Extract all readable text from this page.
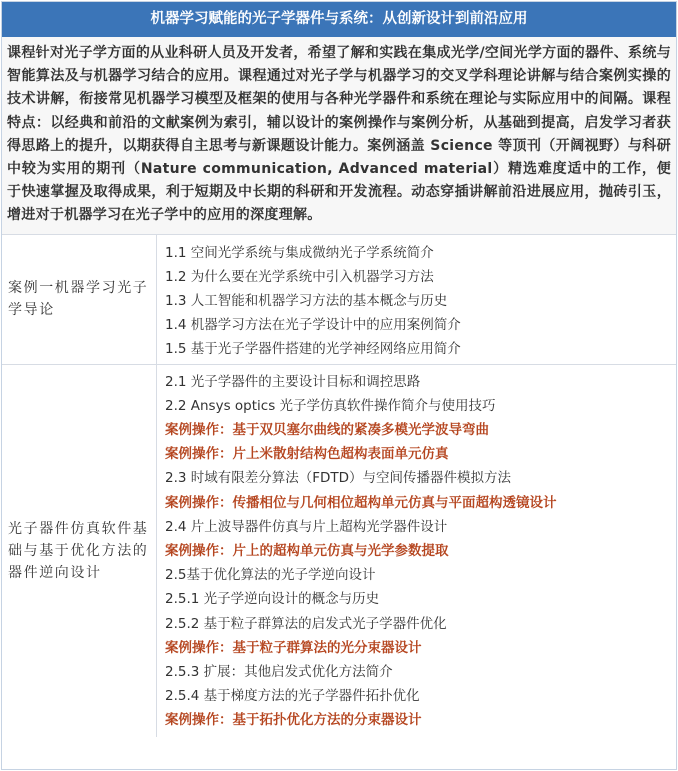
机器学习赋能的光子学器件与系统：从创新设计到前沿应用
课程针对光子学方面的从业科研人员及开发者，希望了解和实践在集成光学/空间光学方面的器件、系统与智能算法及与机器学习结合的应用。课程通过对光子学与机器学习的交叉学科理论讲解与结合案例实操的技术讲解，衔接常见机器学习模型及框架的使用与各种光学器件和系统在理论与实际应用中的间隔。课程特点：以经典和前沿的文献案例为索引，辅以设计的案例操作与案例分析，从基础到提高，启发学习者获得思路上的提升，以期获得自主思考与新课题设计能力。案例涵盖 Science 等顶刊（开阔视野）与科研中较为实用的期刊（Nature communication, Advanced material）精选难度适中的工作，便于快速掌握及取得成果，利于短期及中长期的科研和开发流程。动态穿插讲解前沿进展应用，抛砖引玉，增进对于机器学习在光子学中的应用的深度理解。
案例一机器学习光子学导论
1.1 空间光学系统与集成微纳光子学系统简介
1.2 为什么要在光学系统中引入机器学习方法
1.3 人工智能和机器学习方法的基本概念与历史
1.4 机器学习方法在光子学设计中的应用案例简介
1.5 基于光子学器件搭建的光学神经网络应用简介
光子器件仿真软件基础与基于优化方法的器件逆向设计
2.1 光子学器件的主要设计目标和调控思路
2.2 Ansys optics 光子学仿真软件操作简介与使用技巧
案例操作：基于双贝塞尔曲线的紧凑多模光学波导弯曲
案例操作：片上米散射结构色超构表面单元仿真
2.3 时域有限差分算法（FDTD）与空间传播器件模拟方法
案例操作：传播相位与几何相位超构单元仿真与平面超构透镜设计
2.4 片上波导器件仿真与片上超构光学器件设计
案例操作：片上的超构单元仿真与光学参数提取
2.5基于优化算法的光子学逆向设计
2.5.1 光子学逆向设计的概念与历史
2.5.2 基于粒子群算法的启发式光子学器件优化
案例操作：基于粒子群算法的光分束器设计
2.5.3 扩展：其他启发式优化方法简介
2.5.4 基于梯度方法的光子学器件拓扑优化
案例操作：基于拓扑优化方法的分束器设计
